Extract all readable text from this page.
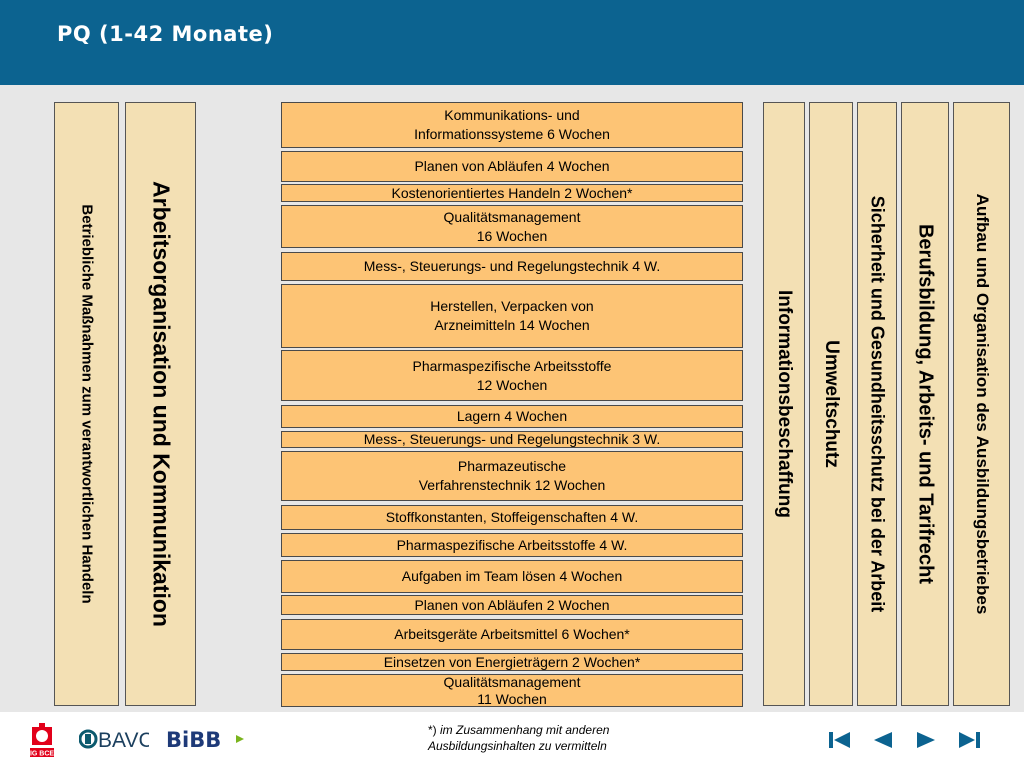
PQ (1-42 Monate)
Betriebliche Maßnahmen zum verantwortlichen Handeln Arbeitsorganisation und Kommunikation
Kommunikations- und
Informationssysteme 6 Wochen
Planen von Abläufen 4 Wochen
Kostenorientiertes Handeln 2 Wochen*
Qualitätsmanagement
16 Wochen
Mess-, Steuerungs- und Regelungstechnik 4 W.
Herstellen, Verpacken von
Arzneimitteln 14 Wochen
Pharmaspezifische Arbeitsstoffe
12 Wochen
Lagern 4 Wochen
Mess-, Steuerungs- und Regelungstechnik 3 W.
Pharmazeutische
Verfahrenstechnik 12 Wochen
Stoffkonstanten, Stoffeigenschaften 4 W.
Pharmaspezifische Arbeitsstoffe 4 W.
Aufgaben im Team lösen 4 Wochen
Planen von Abläufen 2 Wochen
Arbeitsgeräte Arbeitsmittel 6 Wochen*
Einsetzen von Energieträgern 2 Wochen*
Qualitätsmanagement
11 Wochen
Informationsbeschaffung Umweltschutz Sicherheit und Gesundheitsschutz bei der Arbeit Berufsbildung, Arbeits- und Tarifrecht Aufbau und Organisation des Ausbildungsbetriebes
IG BCE
BAVC BiBB	*) im Zusammenhang mit anderen
Ausbildungsinhalten zu vermitteln
